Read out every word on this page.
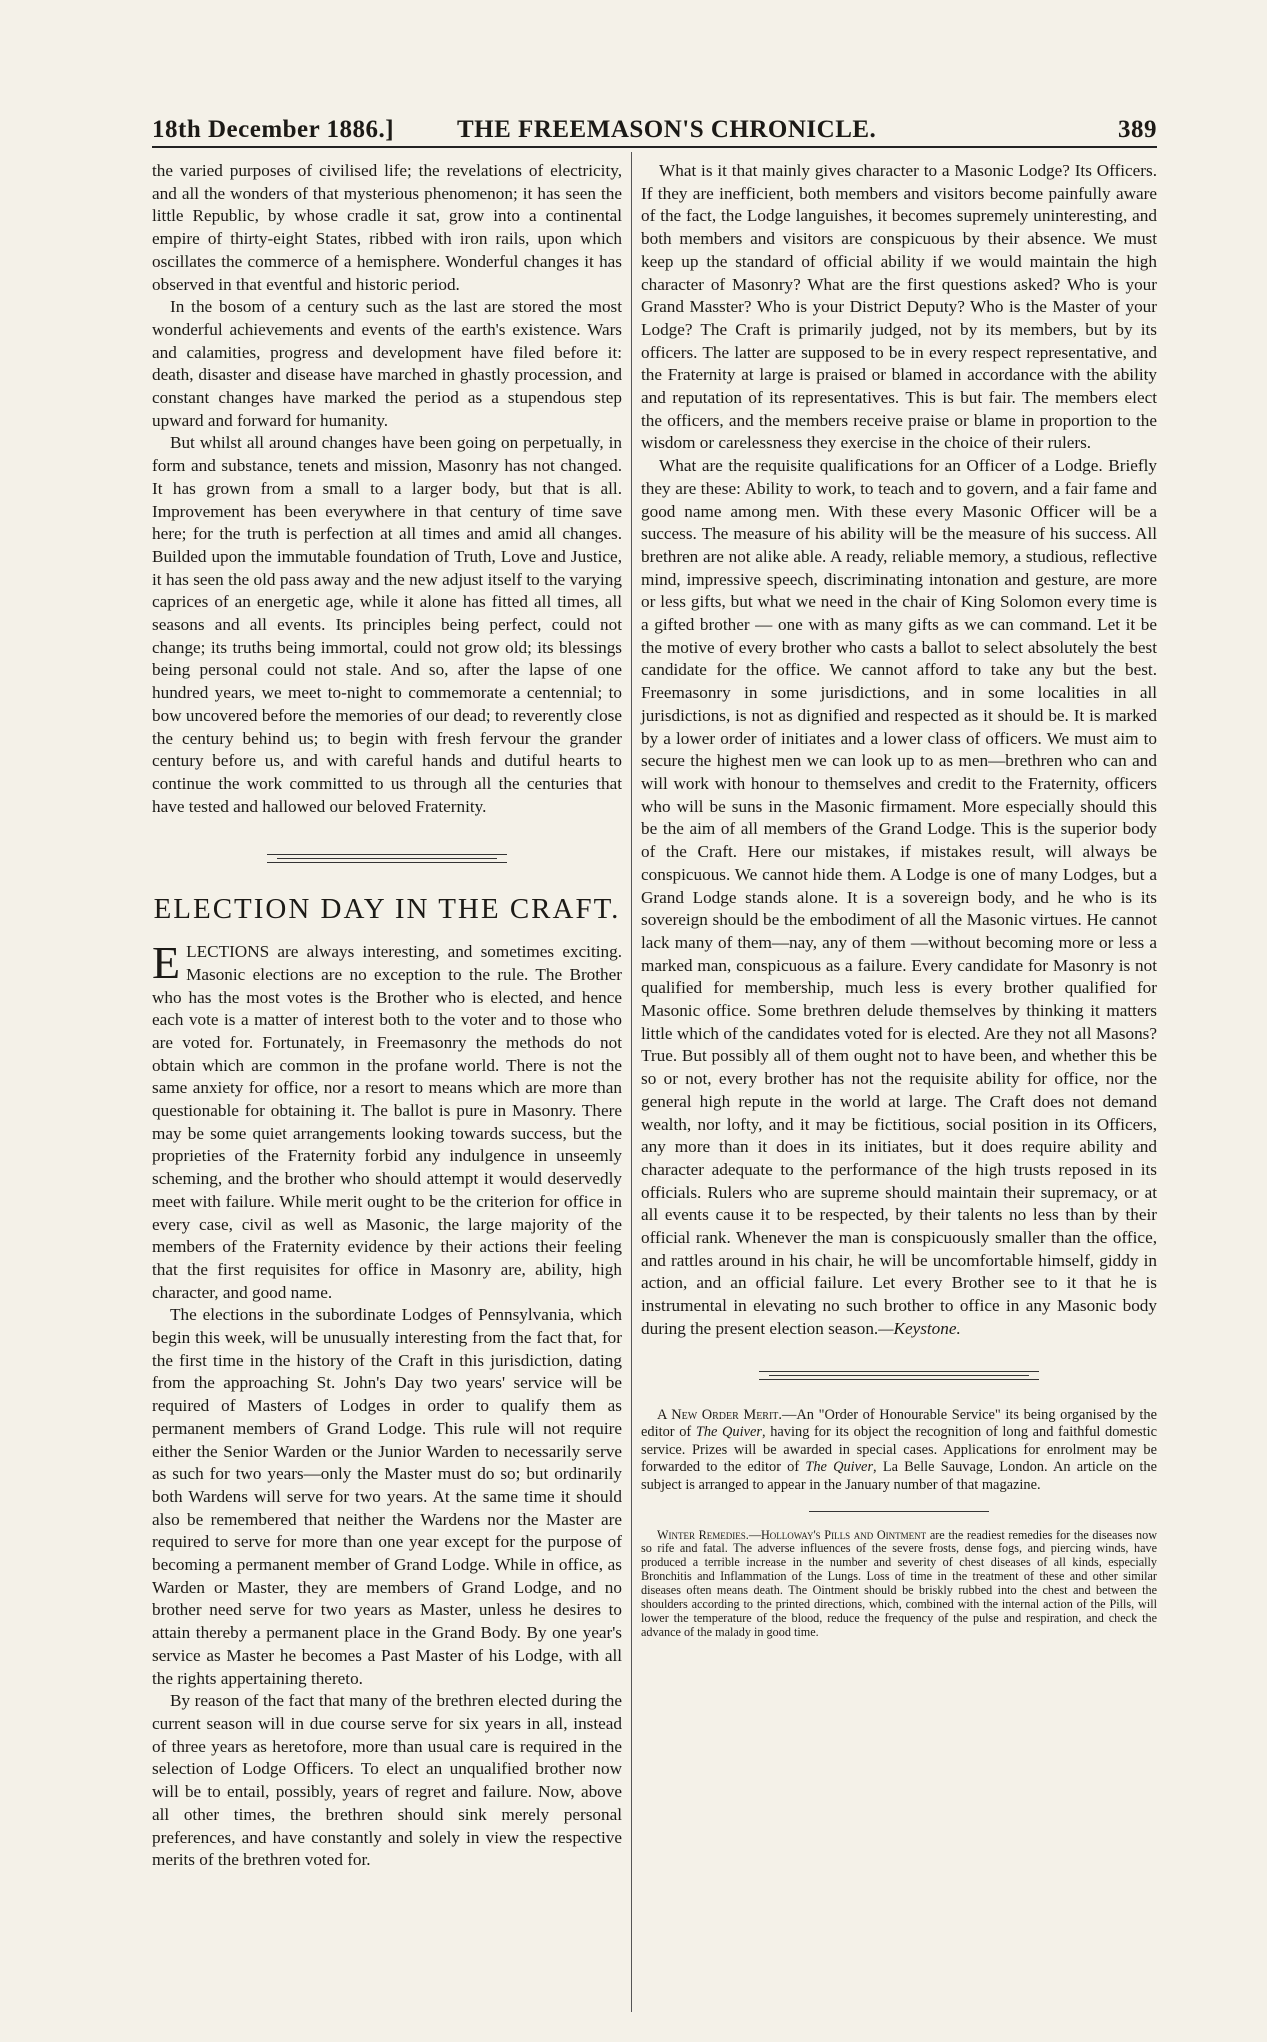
18th December 1886.]	THE FREEMASON'S CHRONICLE.	389

the varied purposes of civilised life; the revelations of electricity, and all the wonders of that mysterious phenomenon; it has seen the little Republic, by whose cradle it sat, grow into a continental empire of thirty-eight States, ribbed with iron rails, upon which oscillates the commerce of a hemisphere. Wonderful changes it has observed in that eventful and historic period.

In the bosom of a century such as the last are stored the most wonderful achievements and events of the earth's existence. Wars and calamities, progress and development have filed before it: death, disaster and disease have marched in ghastly procession, and constant changes have marked the period as a stupendous step upward and forward for humanity.

But whilst all around changes have been going on perpetually, in form and substance, tenets and mission, Masonry has not changed. It has grown from a small to a larger body, but that is all. Improvement has been everywhere in that century of time save here; for the truth is perfection at all times and amid all changes. Builded upon the immutable foundation of Truth, Love and Justice, it has seen the old pass away and the new adjust itself to the varying caprices of an energetic age, while it alone has fitted all times, all seasons and all events. Its principles being perfect, could not change; its truths being immortal, could not grow old; its blessings being personal could not stale. And so, after the lapse of one hundred years, we meet to-night to commemorate a centennial; to bow uncovered before the memories of our dead; to reverently close the century behind us; to begin with fresh fervour the grander century before us, and with careful hands and dutiful hearts to continue the work committed to us through all the centuries that have tested and hallowed our beloved Fraternity.

ELECTION DAY IN THE CRAFT.

E LECTIONS are always interesting, and sometimes exciting. Masonic elections are no exception to the rule. The Brother who has the most votes is the Brother who is elected, and hence each vote is a matter of interest both to the voter and to those who are voted for. Fortunately, in Freemasonry the methods do not obtain which are common in the profane world. There is not the same anxiety for office, nor a resort to means which are more than questionable for obtaining it. The ballot is pure in Masonry. There may be some quiet arrangements looking towards success, but the proprieties of the Fraternity forbid any indulgence in unseemly scheming, and the brother who should attempt it would deservedly meet with failure. While merit ought to be the criterion for office in every case, civil as well as Masonic, the large majority of the members of the Fraternity evidence by their actions their feeling that the first requisites for office in Masonry are, ability, high character, and good name.

The elections in the subordinate Lodges of Pennsylvania, which begin this week, will be unusually interesting from the fact that, for the first time in the history of the Craft in this jurisdiction, dating from the approaching St. John's Day two years' service will be required of Masters of Lodges in order to qualify them as permanent members of Grand Lodge. This rule will not require either the Senior Warden or the Junior Warden to necessarily serve as such for two years—only the Master must do so; but ordinarily both Wardens will serve for two years. At the same time it should also be remembered that neither the Wardens nor the Master are required to serve for more than one year except for the purpose of becoming a permanent member of Grand Lodge. While in office, as Warden or Master, they are members of Grand Lodge, and no brother need serve for two years as Master, unless he desires to attain thereby a permanent place in the Grand Body. By one year's service as Master he becomes a Past Master of his Lodge, with all the rights appertaining thereto.

By reason of the fact that many of the brethren elected during the current season will in due course serve for six years in all, instead of three years as heretofore, more than usual care is required in the selection of Lodge Officers. To elect an unqualified brother now will be to entail, possibly, years of regret and failure. Now, above all other times, the brethren should sink merely personal preferences, and have constantly and solely in view the respective merits of the brethren voted for.

What is it that mainly gives character to a Masonic Lodge? Its Officers. If they are inefficient, both members and visitors become painfully aware of the fact, the Lodge languishes, it becomes supremely uninteresting, and both members and visitors are conspicuous by their absence. We must keep up the standard of official ability if we would maintain the high character of Masonry? What are the first questions asked? Who is your Grand Masster? Who is your District Deputy? Who is the Master of your Lodge? The Craft is primarily judged, not by its members, but by its officers. The latter are supposed to be in every respect representative, and the Fraternity at large is praised or blamed in accordance with the ability and reputation of its representatives. This is but fair. The members elect the officers, and the members receive praise or blame in proportion to the wisdom or carelessness they exercise in the choice of their rulers.

What are the requisite qualifications for an Officer of a Lodge. Briefly they are these: Ability to work, to teach and to govern, and a fair fame and good name among men. With these every Masonic Officer will be a success. The measure of his ability will be the measure of his success. All brethren are not alike able. A ready, reliable memory, a studious, reflective mind, impressive speech, discriminating intonation and gesture, are more or less gifts, but what we need in the chair of King Solomon every time is a gifted brother — one with as many gifts as we can command. Let it be the motive of every brother who casts a ballot to select absolutely the best candidate for the office. We cannot afford to take any but the best. Freemasonry in some jurisdictions, and in some localities in all jurisdictions, is not as dignified and respected as it should be. It is marked by a lower order of initiates and a lower class of officers. We must aim to secure the highest men we can look up to as men—brethren who can and will work with honour to themselves and credit to the Fraternity, officers who will be suns in the Masonic firmament. More especially should this be the aim of all members of the Grand Lodge. This is the superior body of the Craft. Here our mistakes, if mistakes result, will always be conspicuous. We cannot hide them. A Lodge is one of many Lodges, but a Grand Lodge stands alone. It is a sovereign body, and he who is its sovereign should be the embodiment of all the Masonic virtues. He cannot lack many of them—nay, any of them —without becoming more or less a marked man, conspicuous as a failure. Every candidate for Masonry is not qualified for membership, much less is every brother qualified for Masonic office. Some brethren delude themselves by thinking it matters little which of the candidates voted for is elected. Are they not all Masons? True. But possibly all of them ought not to have been, and whether this be so or not, every brother has not the requisite ability for office, nor the general high repute in the world at large. The Craft does not demand wealth, nor lofty, and it may be fictitious, social position in its Officers, any more than it does in its initiates, but it does require ability and character adequate to the performance of the high trusts reposed in its officials. Rulers who are supreme should maintain their supremacy, or at all events cause it to be respected, by their talents no less than by their official rank. Whenever the man is conspicuously smaller than the office, and rattles around in his chair, he will be uncomfortable himself, giddy in action, and an official failure. Let every Brother see to it that he is instrumental in elevating no such brother to office in any Masonic body during the present election season.—Keystone.

A New Order Merit.—An "Order of Honourable Service" its being organised by the editor of The Quiver, having for its object the recognition of long and faithful domestic service. Prizes will be awarded in special cases. Applications for enrolment may be forwarded to the editor of The Quiver, La Belle Sauvage, London. An article on the subject is arranged to appear in the January number of that magazine.

Winter Remedies.—Holloway's Pills and Ointment are the readiest remedies for the diseases now so rife and fatal. The adverse influences of the severe frosts, dense fogs, and piercing winds, have produced a terrible increase in the number and severity of chest diseases of all kinds, especially Bronchitis and Inflammation of the Lungs. Loss of time in the treatment of these and other similar diseases often means death. The Ointment should be briskly rubbed into the chest and between the shoulders according to the printed directions, which, combined with the internal action of the Pills, will lower the temperature of the blood, reduce the frequency of the pulse and respiration, and check the advance of the malady in good time.
